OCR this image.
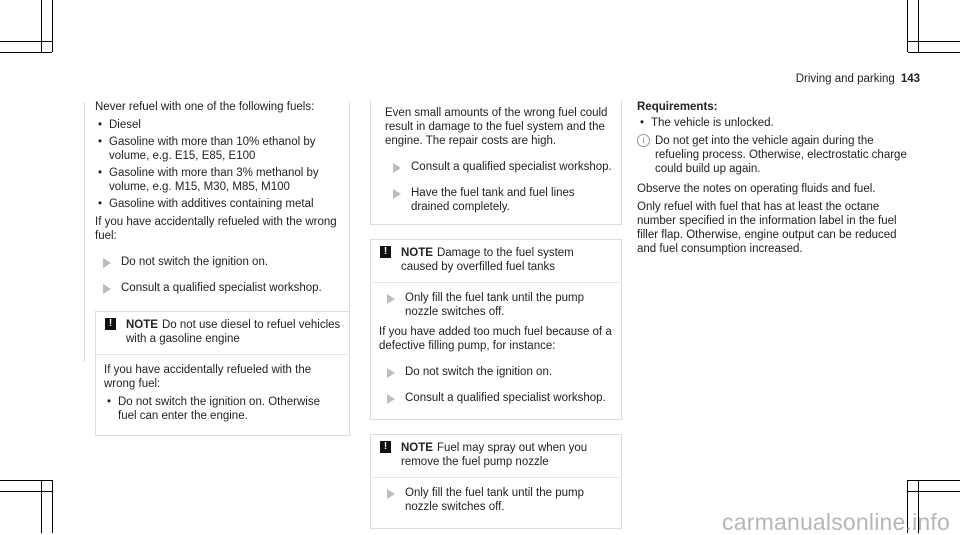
Driving and parking 143

Never refuel with one of the following fuels:

• Diesel
• Gasoline with more than 10% ethanol by volume, e.g. E15, E85, E100
• Gasoline with more than 3% methanol by volume, e.g. M15, M30, M85, M100
• Gasoline with additives containing metal

If you have accidentally refueled with the wrong fuel:

Do not switch the ignition on.
Consult a qualified specialist workshop.
!	NOTE Do not use diesel to refuel vehicles with a gasoline engine

If you have accidentally refueled with the wrong fuel:

• Do not switch the ignition on. Otherwise fuel can enter the engine.

Even small amounts of the wrong fuel could result in damage to the fuel system and the engine. The repair costs are high.

Consult a qualified specialist workshop.
Have the fuel tank and fuel lines drained completely.
!	NOTE Damage to the fuel system caused by overfilled fuel tanks
Only fill the fuel tank until the pump nozzle switches off.

If you have added too much fuel because of a defective filling pump, for instance:

Do not switch the ignition on.
Consult a qualified specialist workshop.
!	NOTE Fuel may spray out when you remove the fuel pump nozzle
Only fill the fuel tank until the pump nozzle switches off.
Requirements:
• The vehicle is unlocked.
i Do not get into the vehicle again during the refueling process. Otherwise, electrostatic charge could build up again.

Observe the notes on operating fluids and fuel.

Only refuel with fuel that has at least the octane number specified in the information label in the fuel filler flap. Otherwise, engine output can be reduced and fuel consumption increased.

carmanualsonline.info
